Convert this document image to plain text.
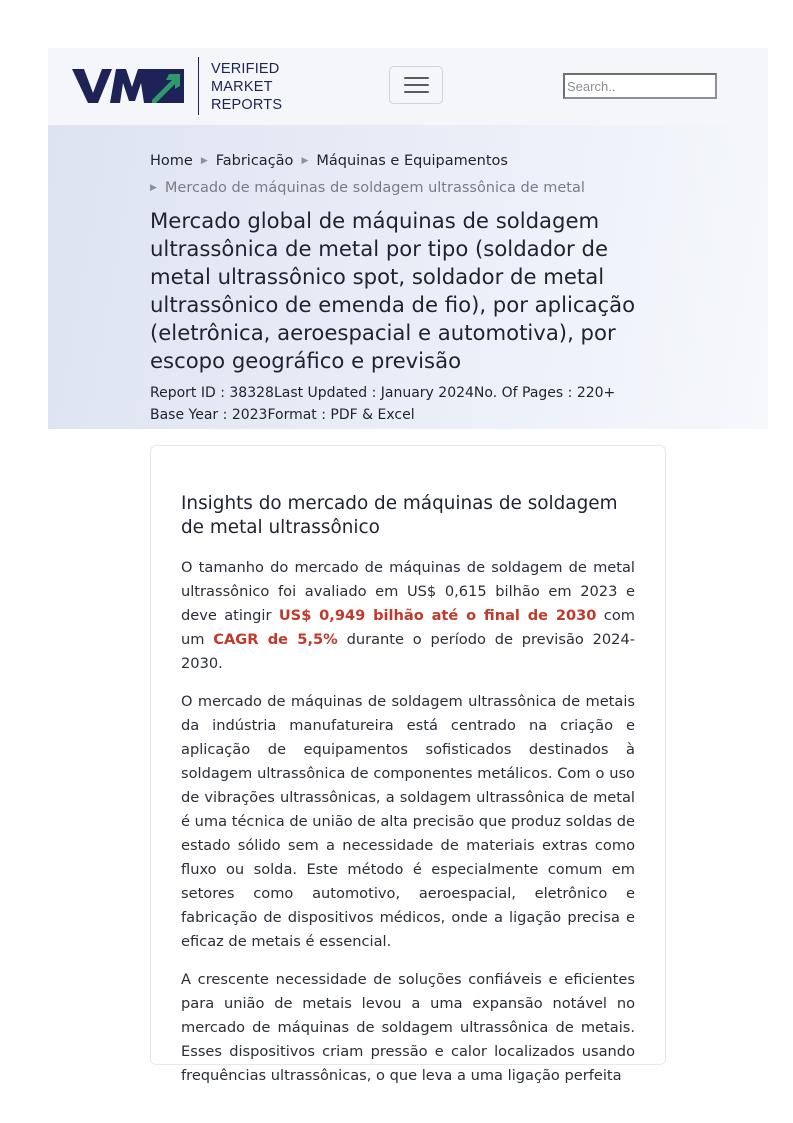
VERIFIED
MARKET
REPORTS
Search..
Home ▶ Fabricação ▶ Máquinas e Equipamentos
▶ Mercado de máquinas de soldagem ultrassônica de metal
Mercado global de máquinas de soldagem ultrassônica de metal por tipo (soldador de metal ultrassônico spot, soldador de metal ultrassônico de emenda de fio), por aplicação (eletrônica, aeroespacial e automotiva), por escopo geográfico e previsão
Report ID : 38328Last Updated : January 2024No. Of Pages : 220+
Base Year : 2023Format : PDF & Excel
Insights do mercado de máquinas de soldagem de metal ultrassônico

O tamanho do mercado de máquinas de soldagem de metal ultrassônico foi avaliado em US$ 0,615 bilhão em 2023 e deve atingir US$ 0,949 bilhão até o final de 2030 com um CAGR de 5,5% durante o período de previsão 2024-2030.

O mercado de máquinas de soldagem ultrassônica de metais da indústria manufatureira está centrado na criação e aplicação de equipamentos sofisticados destinados à soldagem ultrassônica de componentes metálicos. Com o uso de vibrações ultrassônicas, a soldagem ultrassônica de metal é uma técnica de união de alta precisão que produz soldas de estado sólido sem a necessidade de materiais extras como fluxo ou solda. Este método é especialmente comum em setores como automotivo, aeroespacial, eletrônico e fabricação de dispositivos médicos, onde a ligação precisa e eficaz de metais é essencial.

A crescente necessidade de soluções confiáveis e eficientes para união de metais levou a uma expansão notável no mercado de máquinas de soldagem ultrassônica de metais. Esses dispositivos criam pressão e calor localizados usando frequências ultrassônicas, o que leva a uma ligação perfeita
